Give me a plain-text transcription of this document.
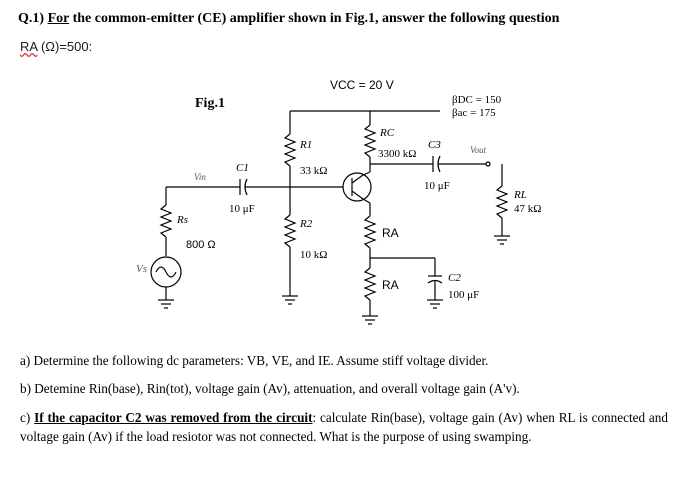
Q.1) For the common-emitter (CE) amplifier shown in Fig.1, answer the following question
RA (Ω)=500:
Fig.1
VCC = 20 V
βDC = 150
βac = 175
R1
33 kΩ
RC
3300 kΩ
C3
10 μF
Vout
C1
10 μF
Vin
R2
10 kΩ
RA
RA
Rs
800 Ω
Vs
C2
100 μF
RL
47 kΩ
a) Determine the following dc parameters: VB, VE, and IE. Assume stiff voltage divider.
b) Detemine Rin(base), Rin(tot), voltage gain (Av), attenuation, and overall voltage gain (A'v).
c) If the capacitor C2 was removed from the circuit: calculate Rin(base), voltage gain (Av) when RL is connected and voltage gain (Av) if the load resiotor was not connected. What is the purpose of using swamping.
